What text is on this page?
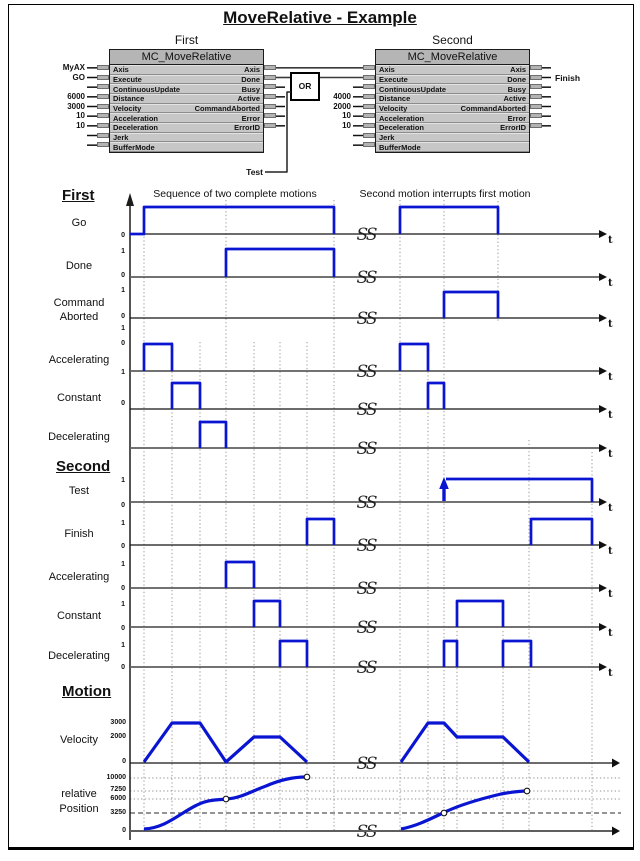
MoveRelative - Example
First	Second
MC_MoveRelative
Axis	Axis
Execute	Done
ContinuousUpdate	Busy
Distance	Active
Velocity	CommandAborted
Acceleration	Error
Deceleration	ErrorID
Jerk
BufferMode
MC_MoveRelative
Axis	Axis
Execute	Done
ContinuousUpdate	Busy
Distance	Active
Velocity	CommandAborted
Acceleration	Error
Deceleration	ErrorID
Jerk
BufferMode
OR
Test
Finish
First
Second
Motion
Sequence of two complete motions	Second motion interrupts first motion
Velocity
relative
Position
SS
SS
SS
SS
SS
SS
SS
SS
SS
SS
SS
SS
SS
t
Go
0
t
Done
1
0
t
Command
Aborted
1
0
t
Accelerating
1
0
t
Constant
1
0
t
Decelerating
t
Test
1
0
t
Finish
1
0
t
Accelerating
1
0
t
Constant
1
0
t
Decelerating
1
0
3000
2000
0
10000
7250
6000
3250
0
MyAX
GO
6000
3000
10
10
4000
2000
10
10
